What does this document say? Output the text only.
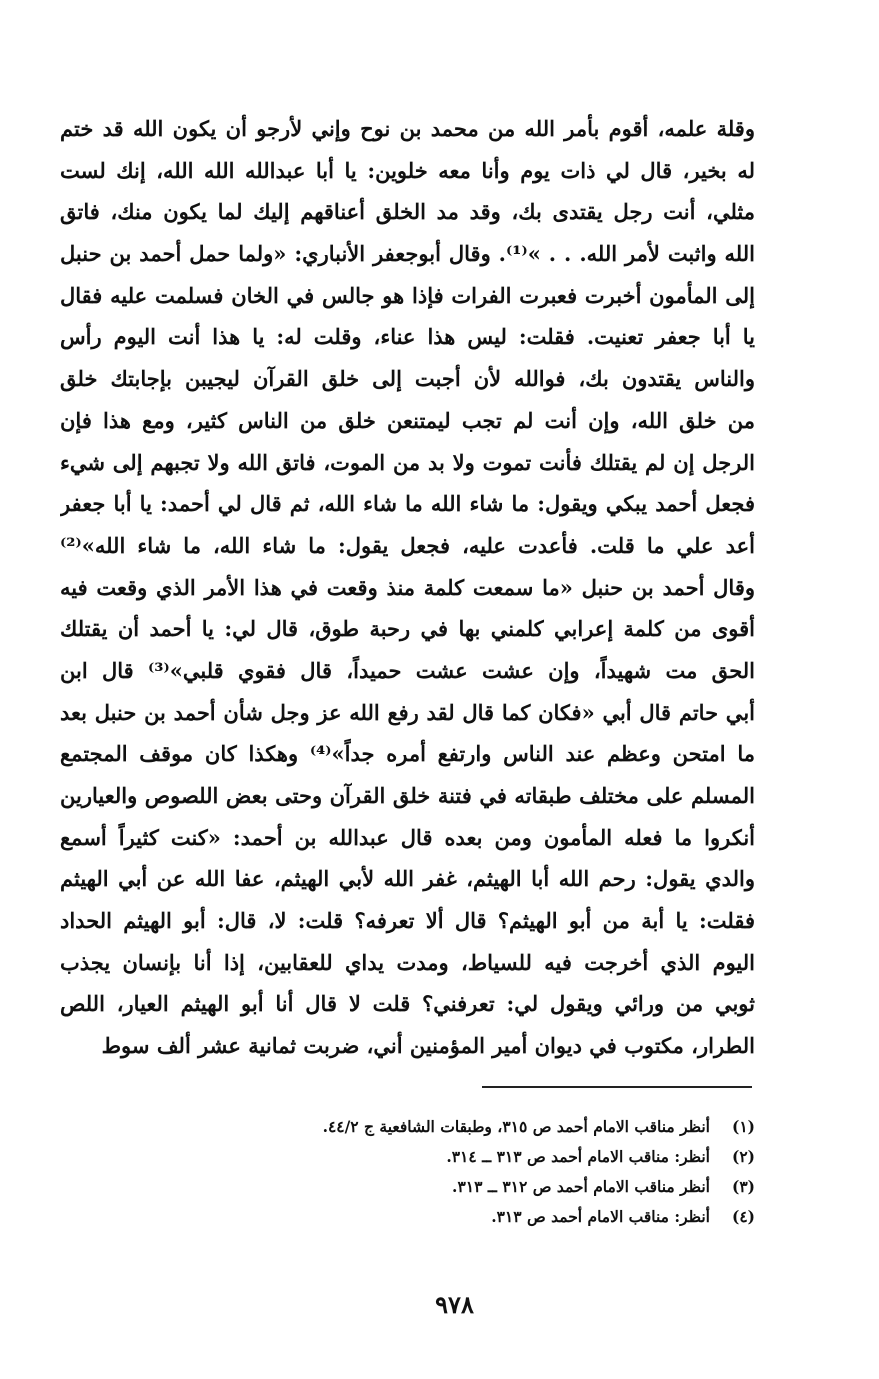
وقلة علمه، أقوم بأمر الله من محمد بن نوح وإني لأرجو أن يكون الله قد ختم
له بخير، قال لي ذات يوم وأنا معه خلوين: يا أبا عبدالله الله الله، إنك لست
مثلي، أنت رجل يقتدى بك، وقد مد الخلق أعناقهم إليك لما يكون منك، فاتق
الله واثبت لأمر الله. . . »⁽¹⁾. وقال أبوجعفر الأنباري: «ولما حمل أحمد بن حنبل
إلى المأمون أخبرت فعبرت الفرات فإذا هو جالس في الخان فسلمت عليه فقال
يا أبا جعفر تعنيت. فقلت: ليس هذا عناء، وقلت له: يا هذا أنت اليوم رأس
والناس يقتدون بك، فوالله لأن أجبت إلى خلق القرآن ليجيبن بإجابتك خلق
من خلق الله، وإن أنت لم تجب ليمتنعن خلق من الناس كثير، ومع هذا فإن
الرجل إن لم يقتلك فأنت تموت ولا بد من الموت، فاتق الله ولا تجبهم إلى شيء
فجعل أحمد يبكي ويقول: ما شاء الله ما شاء الله، ثم قال لي أحمد: يا أبا جعفر
أعد علي ما قلت. فأعدت عليه، فجعل يقول: ما شاء الله، ما شاء الله»⁽²⁾
وقال أحمد بن حنبل «ما سمعت كلمة منذ وقعت في هذا الأمر الذي وقعت فيه
أقوى من كلمة إعرابي كلمني بها في رحبة طوق، قال لي: يا أحمد أن يقتلك
الحق مت شهيداً، وإن عشت عشت حميداً، قال فقوي قلبي»⁽³⁾ قال ابن
أبي حاتم قال أبي «فكان كما قال لقد رفع الله عز وجل شأن أحمد بن حنبل بعد
ما امتحن وعظم عند الناس وارتفع أمره جداً»⁽⁴⁾ وهكذا كان موقف المجتمع
المسلم على مختلف طبقاته في فتنة خلق القرآن وحتى بعض اللصوص والعيارين
أنكروا ما فعله المأمون ومن بعده قال عبدالله بن أحمد: «كنت كثيراً أسمع
والدي يقول: رحم الله أبا الهيثم، غفر الله لأبي الهيثم، عفا الله عن أبي الهيثم
فقلت: يا أبة من أبو الهيثم؟ قال ألا تعرفه؟ قلت: لا، قال: أبو الهيثم الحداد
اليوم الذي أخرجت فيه للسياط، ومدت يداي للعقابين، إذا أنا بإنسان يجذب
ثوبي من ورائي ويقول لي: تعرفني؟ قلت لا قال أنا أبو الهيثم العيار، اللص
الطرار، مكتوب في ديوان أمير المؤمنين أني، ضربت ثمانية عشر ألف سوط
(١)
أنظر مناقب الامام أحمد ص ٣١٥، وطبقات الشافعية ج ٤٤/٢.
(٢)
أنظر: مناقب الامام أحمد ص ٣١٣ ــ ٣١٤.
(٣)
أنظر مناقب الامام أحمد ص ٣١٢ ــ ٣١٣.
(٤)
أنظر: مناقب الامام أحمد ص ٣١٣.
٩٧٨
